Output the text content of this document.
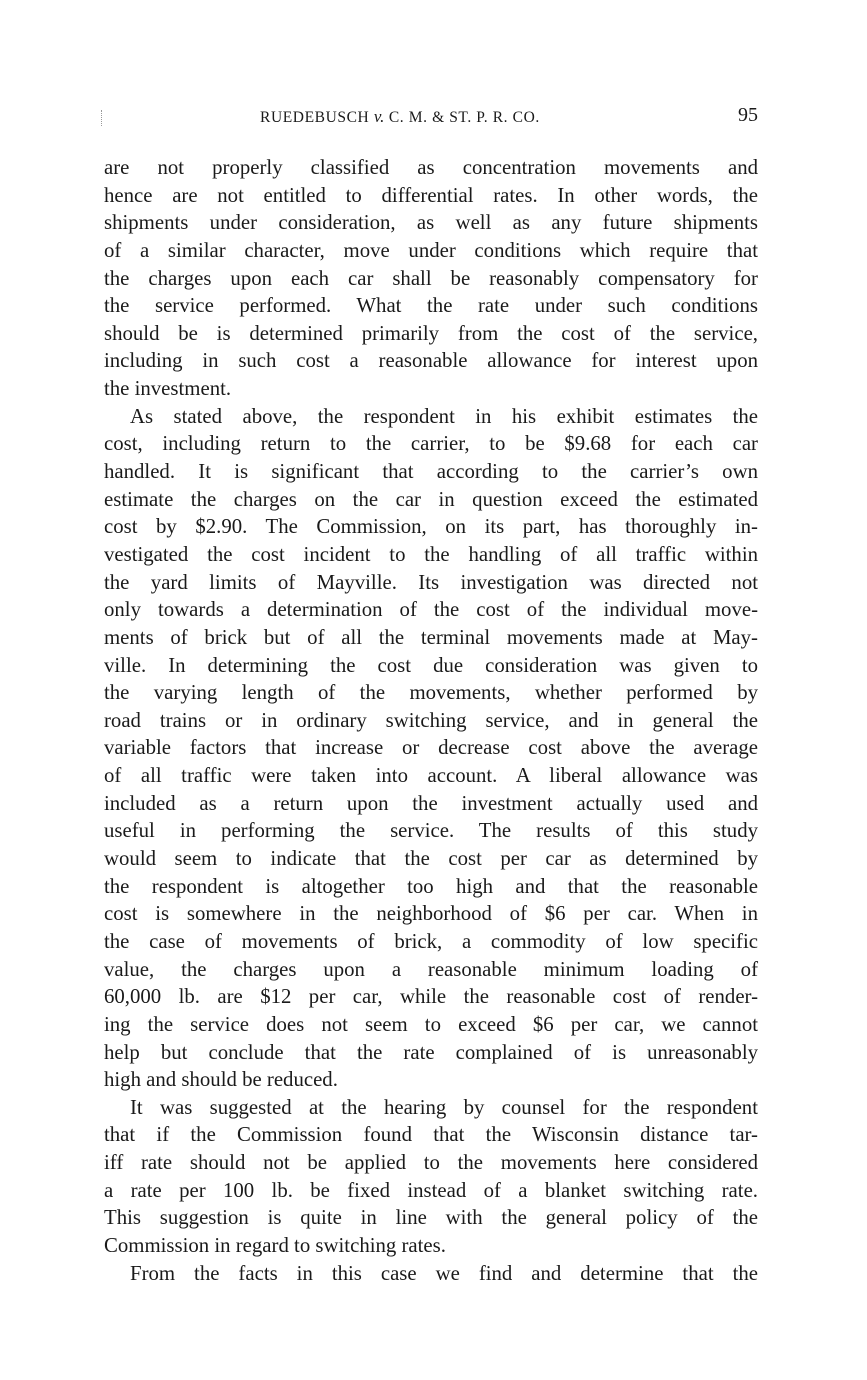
RUEDEBUSCH v. C. M. & ST. P. R. CO.	95
are not properly classified as concentration movements and
hence are not entitled to differential rates. In other words, the
shipments under consideration, as well as any future shipments
of a similar character, move under conditions which require that
the charges upon each car shall be reasonably compensatory for
the service performed. What the rate under such conditions
should be is determined primarily from the cost of the service,
including in such cost a reasonable allowance for interest upon
the investment.
As stated above, the respondent in his exhibit estimates the
cost, including return to the carrier, to be $9.68 for each car
handled. It is significant that according to the carrier’s own
estimate the charges on the car in question exceed the estimated
cost by $2.90. The Commission, on its part, has thoroughly in-
vestigated the cost incident to the handling of all traffic within
the yard limits of Mayville. Its investigation was directed not
only towards a determination of the cost of the individual move-
ments of brick but of all the terminal movements made at May-
ville. In determining the cost due consideration was given to
the varying length of the movements, whether performed by
road trains or in ordinary switching service, and in general the
variable factors that increase or decrease cost above the average
of all traffic were taken into account. A liberal allowance was
included as a return upon the investment actually used and
useful in performing the service. The results of this study
would seem to indicate that the cost per car as determined by
the respondent is altogether too high and that the reasonable
cost is somewhere in the neighborhood of $6 per car. When in
the case of movements of brick, a commodity of low specific
value, the charges upon a reasonable minimum loading of
60,000 lb. are $12 per car, while the reasonable cost of render-
ing the service does not seem to exceed $6 per car, we cannot
help but conclude that the rate complained of is unreasonably
high and should be reduced.
It was suggested at the hearing by counsel for the respondent
that if the Commission found that the Wisconsin distance tar-
iff rate should not be applied to the movements here considered
a rate per 100 lb. be fixed instead of a blanket switching rate.
This suggestion is quite in line with the general policy of the
Commission in regard to switching rates.
From the facts in this case we find and determine that the
